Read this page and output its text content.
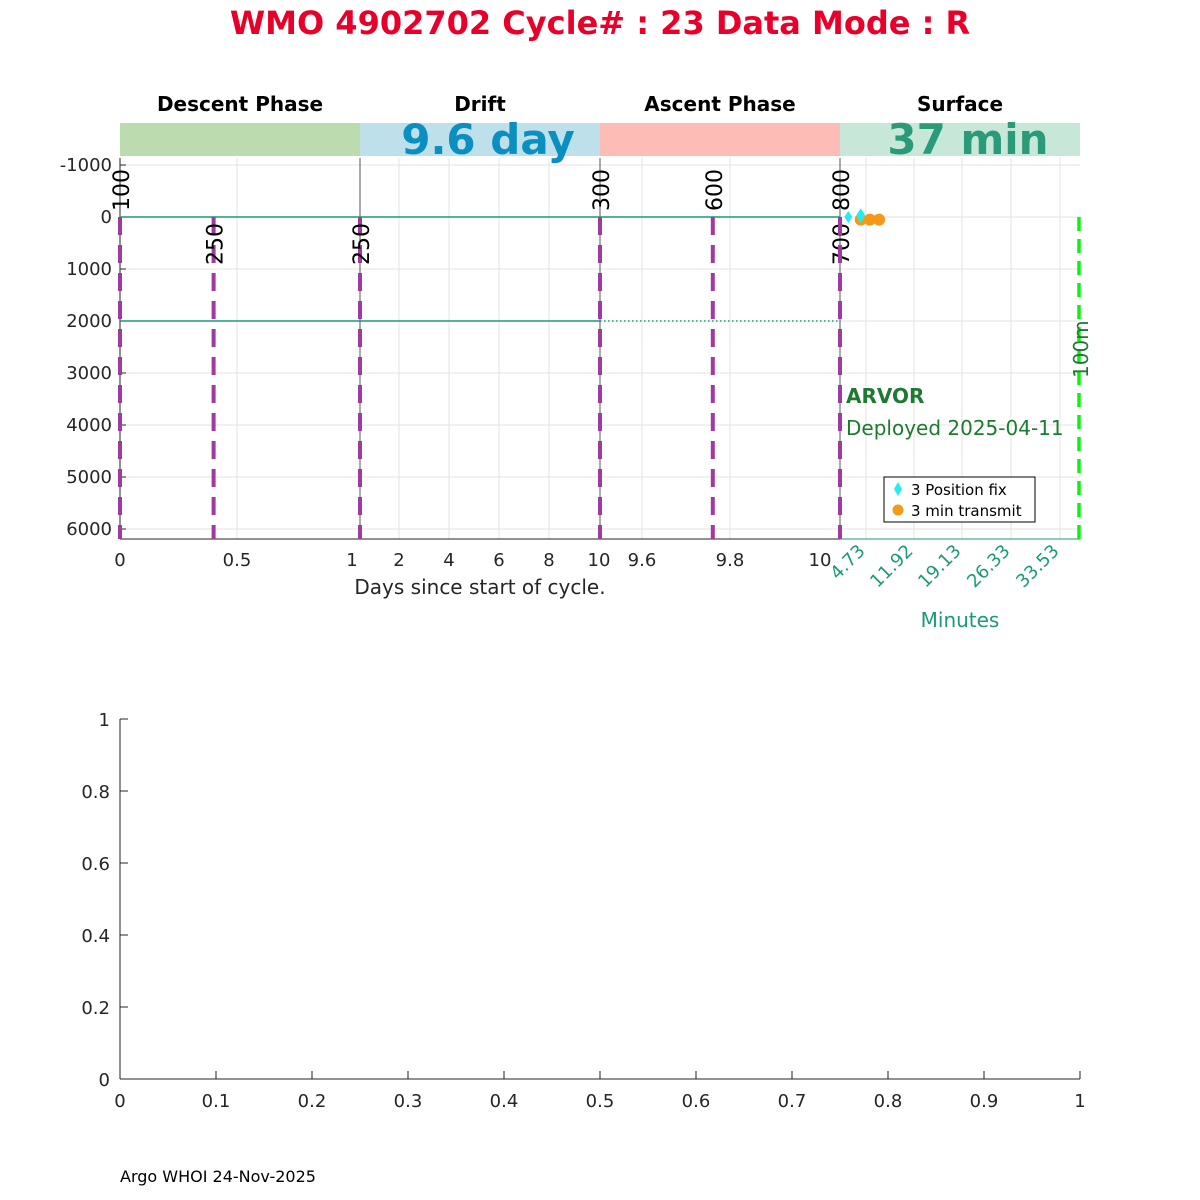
WMO 4902702 Cycle# : 23 Data Mode : R
Descent Phase	Drift
9.6 day
Ascent Phase	Surface
37 min
-1000
0
1000
2000
3000
4000
5000
6000
0	0.5	1 2 4 6 8 10 9.6	9.8	10
4.73
11.92
19.13
26.33
33.53
100
250	250
300	600
700
800
100m
Days since start of cycle.
Minutes
ARVOR
Deployed 2025-04-11
3 Position fix
3 min transmit
0	0.1	0.2	0.3	0.4	0.5	0.6	0.7	0.8	0.9	1
0
0.2
0.4
0.6
0.8
1
Argo WHOI 24-Nov-2025
